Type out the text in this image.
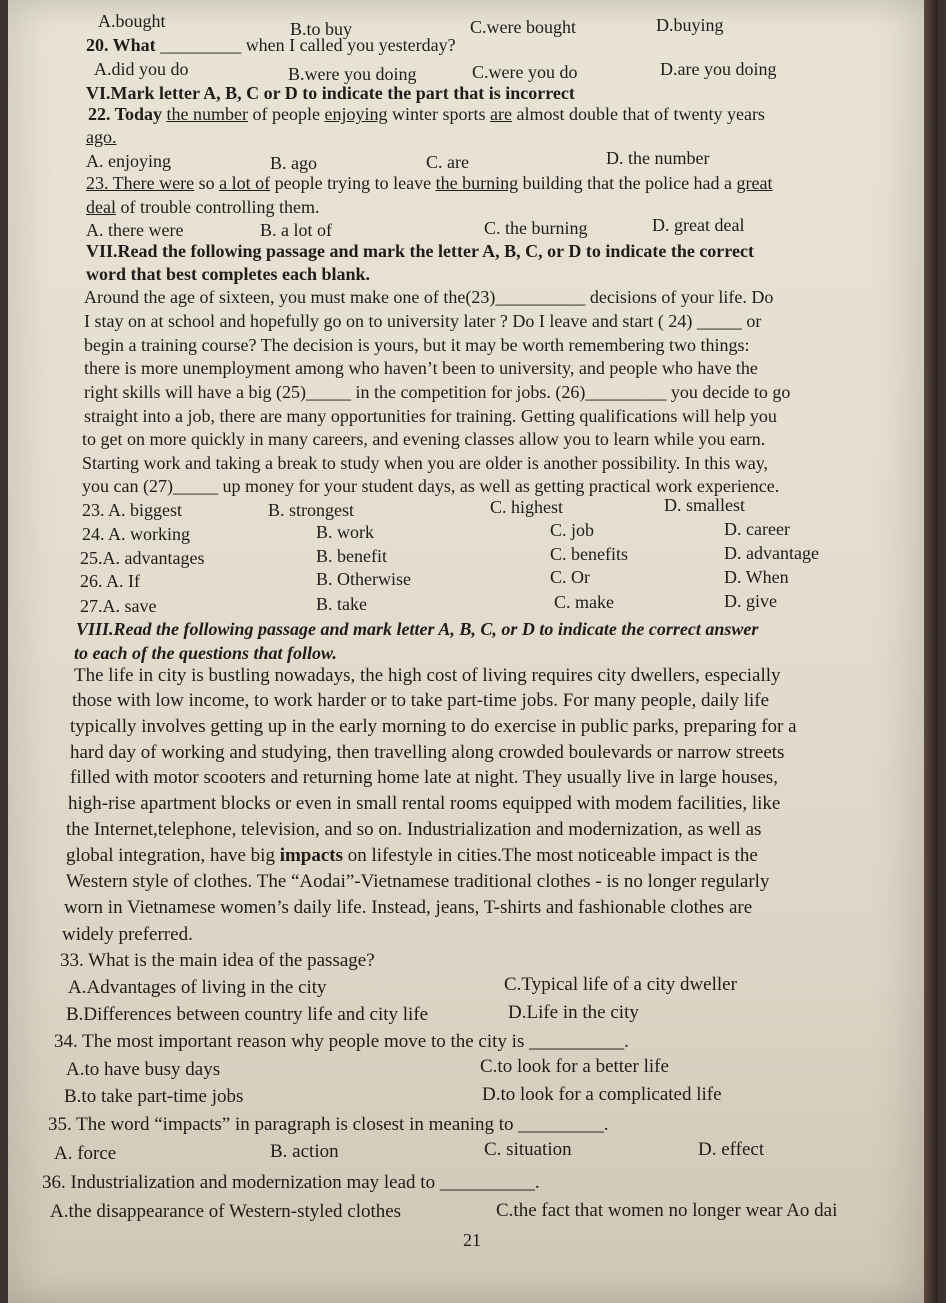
A.bought	B.to buy	C.were bought	D.buying
20. What _________ when I called you yesterday?
A.did you do	B.were you doing	C.were you do	D.are you doing
VI.Mark letter A, B, C or D to indicate the part that is incorrect
22. Today the number of people enjoying winter sports are almost double that of twenty years
ago.
A. enjoying	B. ago	C. are	D. the number
23. There were so a lot of people trying to leave the burning building that the police had a great
deal of trouble controlling them.
A. there were	B. a lot of	C. the burning	D. great deal
VII.Read the following passage and mark the letter A, B, C, or D to indicate the correct
word that best completes each blank.
Around the age of sixteen, you must make one of the(23)__________ decisions of your life. Do
I stay on at school and hopefully go on to university later ? Do I leave and start ( 24) _____ or
begin a training course? The decision is yours, but it may be worth remembering two things:
there is more unemployment among who haven’t been to university, and people who have the
right skills will have a big (25)_____ in the competition for jobs. (26)_________ you decide to go
straight into a job, there are many opportunities for training. Getting qualifications will help you
to get on more quickly in many careers, and evening classes allow you to learn while you earn.
Starting work and taking a break to study when you are older is another possibility. In this way,
you can (27)_____ up money for your student days, as well as getting practical work experience.
23. A. biggest	B. strongest	C. highest	D. smallest
24. A. working	B. work	C. job	D. career
25.A. advantages	B. benefit	C. benefits	D. advantage
26. A. If	B. Otherwise	C. Or	D. When
27.A. save	B. take	C. make	D. give
VIII.Read the following passage and mark letter A, B, C, or D to indicate the correct answer
to each of the questions that follow.
The life in city is bustling nowadays, the high cost of living requires city dwellers, especially
those with low income, to work harder or to take part-time jobs. For many people, daily life
typically involves getting up in the early morning to do exercise in public parks, preparing for a
hard day of working and studying, then travelling along crowded boulevards or narrow streets
filled with motor scooters and returning home late at night. They usually live in large houses,
high-rise apartment blocks or even in small rental rooms equipped with modem facilities, like
the Internet,telephone, television, and so on. Industrialization and modernization, as well as
global integration, have big impacts on lifestyle in cities.The most noticeable impact is the
Western style of clothes. The “Aodai”-Vietnamese traditional clothes - is no longer regularly
worn in Vietnamese women’s daily life. Instead, jeans, T-shirts and fashionable clothes are
widely preferred.
33. What is the main idea of the passage?
A.Advantages of living in the city	C.Typical life of a city dweller
B.Differences between country life and city life	D.Life in the city
34. The most important reason why people move to the city is __________.
A.to have busy days	C.to look for a better life
B.to take part-time jobs	D.to look for a complicated life
35. The word “impacts” in paragraph is closest in meaning to _________.
A. force	B. action	C. situation	D. effect
36. Industrialization and modernization may lead to __________.
A.the disappearance of Western-styled clothes	C.the fact that women no longer wear Ao dai
21
